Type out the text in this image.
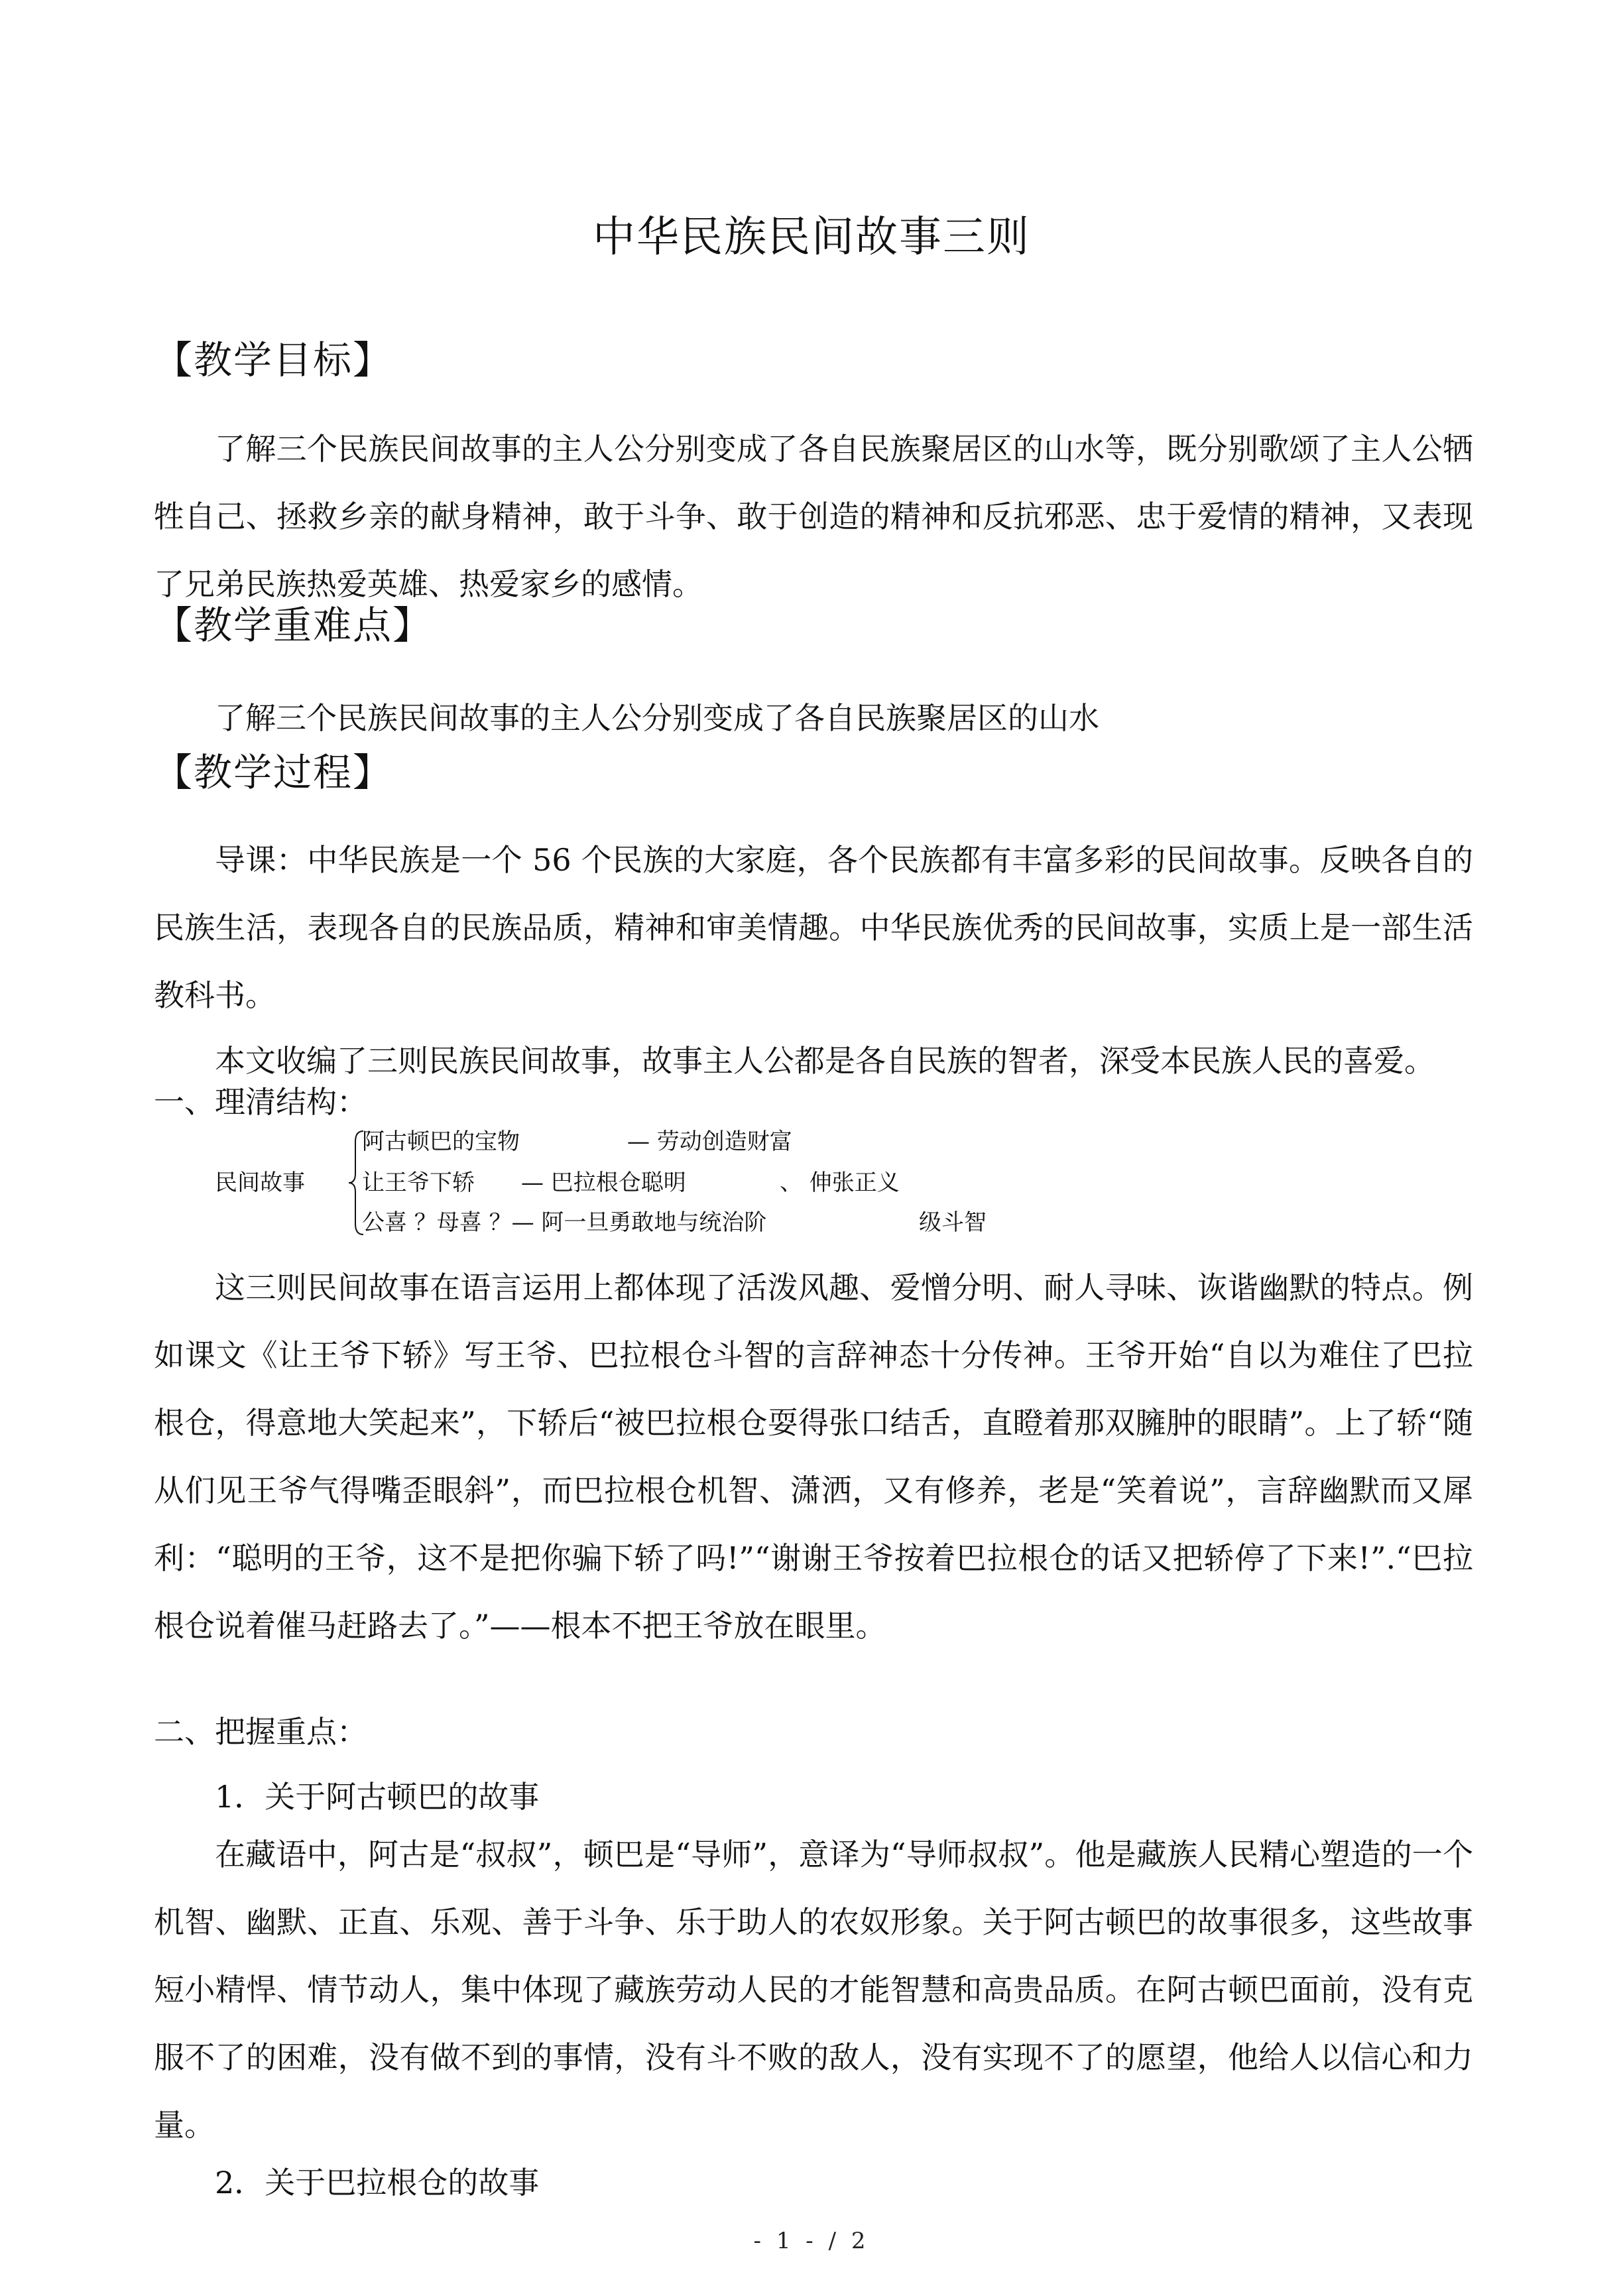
中华民族民间故事三则
【教学目标】
了解三个民族民间故事的主人公分别变成了各自民族聚居区的山水等，既分别歌颂了主人公牺牲自己、拯救乡亲的献身精神，敢于斗争、敢于创造的精神和反抗邪恶、忠于爱情的精神，又表现了兄弟民族热爱英雄、热爱家乡的感情。
【教学重难点】
了解三个民族民间故事的主人公分别变成了各自民族聚居区的山水
【教学过程】
导课：中华民族是一个 56 个民族的大家庭，各个民族都有丰富多彩的民间故事。反映各自的民族生活，表现各自的民族品质，精神和审美情趣。中华民族优秀的民间故事，实质上是一部生活教科书。
本文收编了三则民族民间故事，故事主人公都是各自民族的智者，深受本民族人民的喜爱。
一、理清结构：
民间故事
阿古顿巴的宝物	— 劳动创造财富
让王爷下轿 — 巴拉根仓聪明	、 伸张正义
公喜 ？母喜 ？— 阿一旦勇敢地与统治阶	级斗智
这三则民间故事在语言运用上都体现了活泼风趣、爱憎分明、耐人寻味、诙谐幽默的特点。例如课文《让王爷下轿》写王爷、巴拉根仓斗智的言辞神态十分传神。王爷开始“自以为难住了巴拉根仓，得意地大笑起来”，下轿后“被巴拉根仓耍得张口结舌，直瞪着那双臃肿的眼睛”。上了轿“随从们见王爷气得嘴歪眼斜”，而巴拉根仓机智、潇洒，又有修养，老是“笑着说”，言辞幽默而又犀利：“聪明的王爷，这不是把你骗下轿了吗!”“谢谢王爷按着巴拉根仓的话又把轿停了下来!”.“巴拉根仓说着催马赶路去了。”——根本不把王爷放在眼里。
二、把握重点：
1．关于阿古顿巴的故事
在藏语中，阿古是“叔叔”，顿巴是“导师”，意译为“导师叔叔”。他是藏族人民精心塑造的一个机智、幽默、正直、乐观、善于斗争、乐于助人的农奴形象。关于阿古顿巴的故事很多，这些故事短小精悍、情节动人，集中体现了藏族劳动人民的才能智慧和高贵品质。在阿古顿巴面前，没有克服不了的困难，没有做不到的事情，没有斗不败的敌人，没有实现不了的愿望，他给人以信心和力量。
2．关于巴拉根仓的故事
- 1 - / 2
